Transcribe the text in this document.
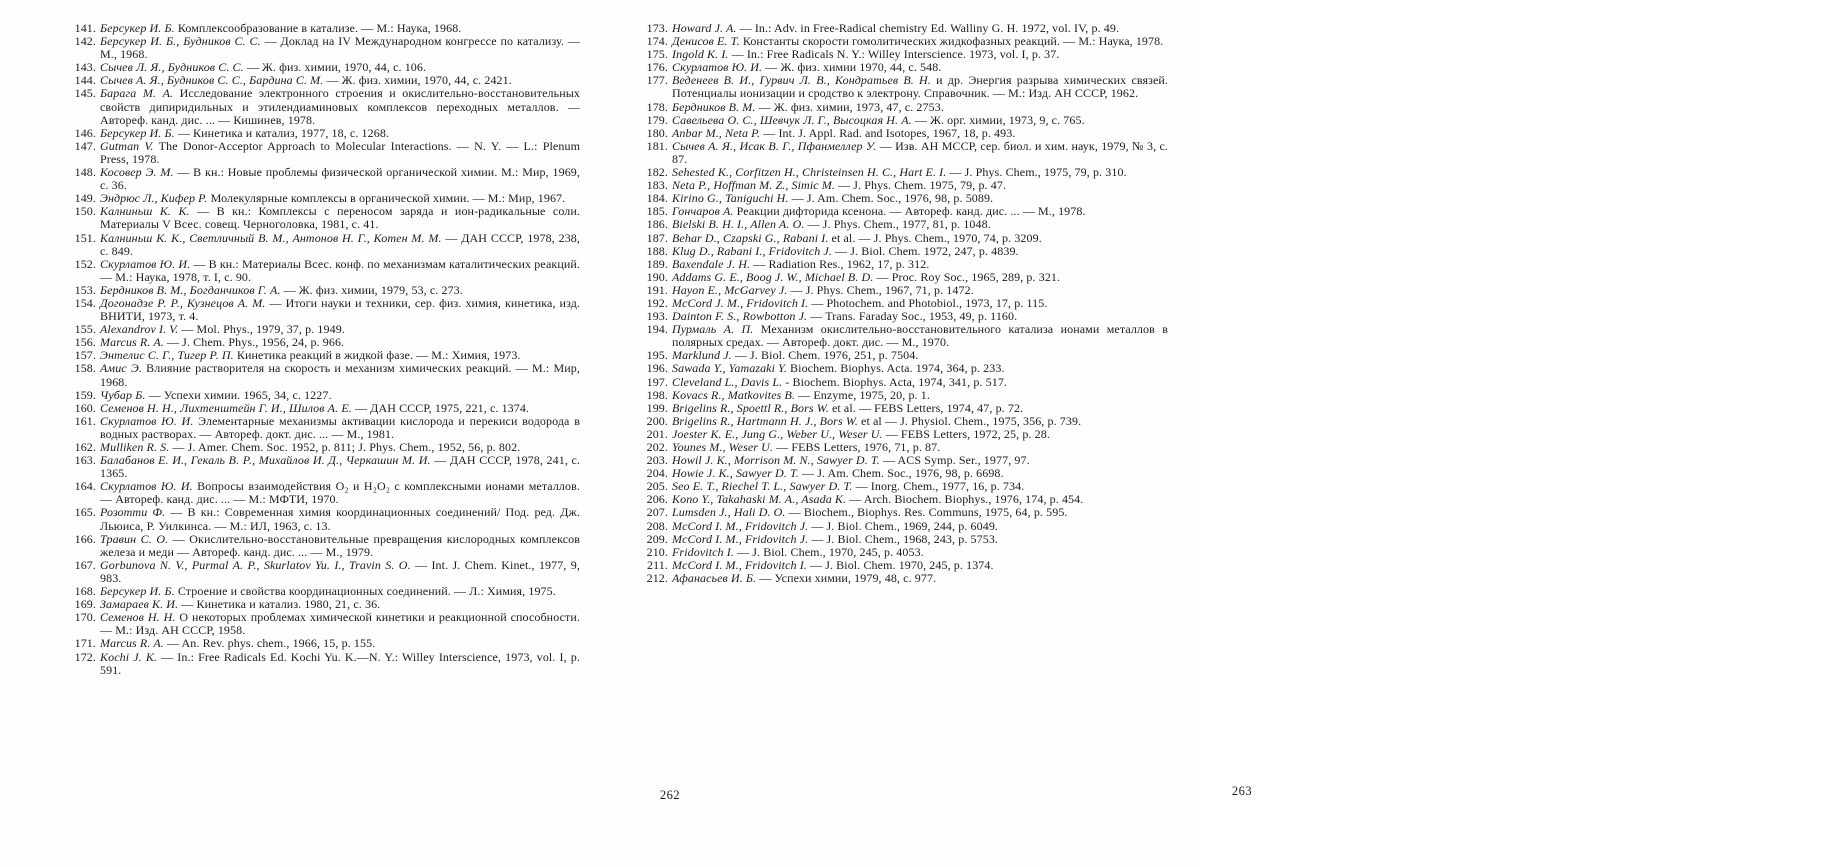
141. Берсукер И. Б. Комплексообразование в катализе. — М.: Наука, 1968.
142. Берсукер И. Б., Будников С. С. — Доклад на IV Международном конгрессе по катализу. — М., 1968.
143. Сычев Л. Я., Будников С. С. — Ж. физ. химии, 1970, 44, с. 106.
144. Сычев А. Я., Будников С. С., Бардина С. М. — Ж. физ. химии, 1970, 44, с. 2421.
145. Барага М. А. Исследование электронного строения и окислительно-восстановительных свойств дипиридильных и этилендиаминовых комплексов переходных металлов. — Автореф. канд. дис. ... — Кишинев, 1978.
146. Берсукер И. Б. — Кинетика и катализ, 1977, 18, с. 1268.
147. Gutman V. The Donor-Acceptor Approach to Molecular Interactions. — N. Y. — L.: Plenum Press, 1978.
148. Косовер Э. М. — В кн.: Новые проблемы физической органической химии. М.: Мир, 1969, с. 36.
149. Эндрюс Л., Кифер Р. Молекулярные комплексы в органической химии. — М.: Мир, 1967.
150. Калниньш К. К. — В кн.: Комплексы с переносом заряда и ион-радикальные соли. Материалы V Всес. совещ. Черноголовка, 1981, с. 41.
151. Калниньш К. К., Светличный В. М., Антонов Н. Г., Котен М. М. — ДАН СССР, 1978, 238, с. 849.
152. Скурлатов Ю. И. — В кн.: Материалы Всес. конф. по механизмам каталитических реакций. — М.: Наука, 1978, т. I, с. 90.
153. Бердников В. М., Богданчиков Г. А. — Ж. физ. химии, 1979, 53, с. 273.
154. Догонадзе Р. Р., Кузнецов А. М. — Итоги науки и техники, сер. физ. химия, кинетика, изд. ВНИТИ, 1973, т. 4.
155. Alexandrov I. V. — Mol. Phys., 1979, 37, p. 1949.
156. Marcus R. A. — J. Chem. Phys., 1956, 24, p. 966.
157. Энтелис С. Г., Тигер Р. П. Кинетика реакций в жидкой фазе. — М.: Химия, 1973.
158. Амис Э. Влияние растворителя на скорость и механизм химических реакций. — М.: Мир, 1968.
159. Чубар Б. — Успехи химии. 1965, 34, с. 1227.
160. Семенов Н. Н., Лихтенштейн Г. И., Шилов А. Е. — ДАН СССР, 1975, 221, с. 1374.
161. Скурлатов Ю. И. Элементарные механизмы активации кислорода и перекиси водорода в водных растворах. — Автореф. докт. дис. ... — М., 1981.
162. Mulliken R. S. — J. Amer. Chem. Soc. 1952, p. 811; J. Phys. Chem., 1952, 56, p. 802.
163. Балабанов Е. И., Гекаль В. Р., Михайлов И. Д., Черкашин М. И. — ДАН СССР, 1978, 241, с. 1365.
164. Скурлатов Ю. И. Вопросы взаимодействия O₂ и H₂O₂ с комплексными ионами металлов. — Автореф. канд. дис. ... — М.: МФТИ, 1970.
165. Розотти Ф. — В кн.: Современная химия координационных соединений/ Под. ред. Дж. Льюиса, Р. Уилкинса. — М.: ИЛ, 1963, с. 13.
166. Травин С. О. — Окислительно-восстановительные превращения кислородных комплексов железа и меди — Автореф. канд. дис. ... — М., 1979.
167. Gorbunova N. V., Purmal A. P., Skurlatov Yu. I., Travin S. O. — Int. J. Chem. Kinet., 1977, 9, 983.
168. Берсукер И. Б. Строение и свойства координационных соединений. — Л.: Химия, 1975.
169. Замараев К. И. — Кинетика и катализ. 1980, 21, с. 36.
170. Семенов Н. Н. О некоторых проблемах химической кинетики и реакционной способности. — М.: Изд. АН СССР, 1958.
171. Marcus R. A. — An. Rev. phys. chem., 1966, 15, p. 155.
172. Kochi J. K. — In.: Free Radicals Ed. Kochi Yu. K.—N. Y.: Willey Interscience, 1973, vol. I, p. 591.
173. Howard J. A. — In.: Adv. in Free-Radical chemistry Ed. Walliny G. H. 1972, vol. IV, p. 49.
174. Денисов Е. Т. Константы скорости гомолитических жидкофазных реакций. — М.: Наука, 1978.
175. Ingold K. I. — In.: Free Radicals N. Y.: Willey Interscience. 1973, vol. I, p. 37.
176. Скурлатов Ю. И. — Ж. физ. химии 1970, 44, с. 548.
177. Веденеев В. И., Гурвич Л. В., Кондратьев В. Н. и др. Энергия разрыва химических связей. Потенциалы ионизации и сродство к электрону. Справочник. — М.: Изд. АН СССР, 1962.
178. Бердников В. М. — Ж. физ. химии, 1973, 47, с. 2753.
179. Савельева О. С., Шевчук Л. Г., Высоцкая Н. А. — Ж. орг. химии, 1973, 9, с. 765.
180. Anbar M., Neta P. — Int. J. Appl. Rad. and Isotopes, 1967, 18, p. 493.
181. Сычев А. Я., Исак В. Г., Пфанмеллер У. — Изв. АН МССР, сер. биол. и хим. наук, 1979, № 3, с. 87.
182. Sehested K., Corfitzen H., Christeinsen H. C., Hart E. I. — J. Phys. Chem., 1975, 79, p. 310.
183. Neta P., Hoffman M. Z., Simic M. — J. Phys. Chem. 1975, 79, p. 47.
184. Kirino G., Taniguchi H. — J. Am. Chem. Soc., 1976, 98, p. 5089.
185. Гончаров А. Реакции дифторида ксенона. — Автореф. канд. дис. ... — М., 1978.
186. Bielski B. H. I., Allen A. O. — J. Phys. Chem., 1977, 81, p. 1048.
187. Behar D., Czapski G., Rabani I. et al. — J. Phys. Chem., 1970, 74, p. 3209.
188. Klug D., Rabani I., Fridovitch J. — J. Biol. Chem. 1972, 247, p. 4839.
189. Baxendale J. H. — Radiation Res., 1962, 17, p. 312.
190. Addams G. E., Boog J. W., Michael B. D. — Proc. Roy Soc., 1965, 289, p. 321.
191. Hayon E., McGarvey J. — J. Phys. Chem., 1967, 71, p. 1472.
192. McCord J. M., Fridovitch I. — Photochem. and Photobiol., 1973, 17, p. 115.
193. Dainton F. S., Rowbotton J. — Trans. Faraday Soc., 1953, 49, p. 1160.
194. Пурмаль А. П. Механизм окислительно-восстановительного катализа ионами металлов в полярных средах. — Автореф. докт. дис. — М., 1970.
195. Marklund J. — J. Biol. Chem. 1976, 251, p. 7504.
196. Sawada Y., Yamazaki Y. Biochem. Biophys. Acta. 1974, 364, p. 233.
197. Cleveland L., Davis L. - Biochem. Biophys. Acta, 1974, 341, p. 517.
198. Kovacs R., Matkovites B. — Enzyme, 1975, 20, p. 1.
199. Brigelins R., Spoettl R., Bors W. et al. — FEBS Letters, 1974, 47, p. 72.
200. Brigelins R., Hartmann H. J., Bors W. et al — J. Physiol. Chem., 1975, 356, p. 739.
201. Joester K. E., Jung G., Weber U., Weser U. — FEBS Letters, 1972, 25, p. 28.
202. Younes M., Weser U. — FEBS Letters, 1976, 71, p. 87.
203. Howil J. K., Morrison M. N., Sawyer D. T. — ACS Symp. Ser., 1977, 97.
204. Howie J. K., Sawyer D. T. — J. Am. Chem. Soc., 1976, 98, p. 6698.
205. Seo E. T., Riechel T. L., Sawyer D. T. — Inorg. Chem., 1977, 16, p. 734.
206. Kono Y., Takahaski M. A., Asada K. — Arch. Biochem. Biophys., 1976, 174, p. 454.
207. Lumsden J., Hali D. O. — Biochem., Biophys. Res. Communs, 1975, 64, p. 595.
208. McCord I. M., Fridovitch J. — J. Biol. Chem., 1969, 244, p. 6049.
209. McCord I. M., Fridovitch J. — J. Biol. Chem., 1968, 243, p. 5753.
210. Fridovitch I. — J. Biol. Chem., 1970, 245, p. 4053.
211. McCord I. M., Fridovitch I. — J. Biol. Chem. 1970, 245, p. 1374.
212. Афанасьев И. Б. — Успехи химии, 1979, 48, с. 977.
262	263
